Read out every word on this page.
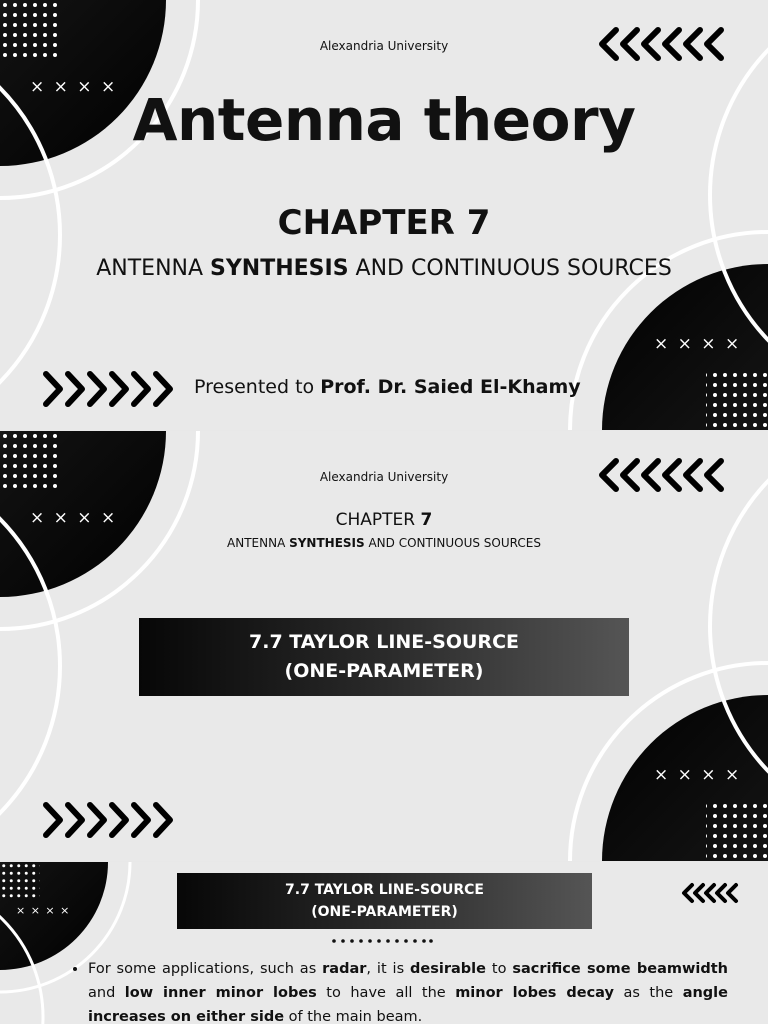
× × × ×
× × × ×
Alexandria University
Antenna theory
CHAPTER 7
ANTENNA SYNTHESIS AND CONTINUOUS SOURCES
Presented to Prof. Dr. Saied El-Khamy
× × × ×
× × × ×
Alexandria University
CHAPTER 7
ANTENNA SYNTHESIS AND CONTINUOUS SOURCES
7.7 TAYLOR LINE-SOURCE
(ONE-PARAMETER)
× × × ×
7.7 TAYLOR LINE-SOURCE
(ONE-PARAMETER)
• For some applications, such as radar, it is desirable to sacrifice some beamwidth and low inner minor lobes to have all the minor lobes decay as the angle increases on either side of the main beam.
